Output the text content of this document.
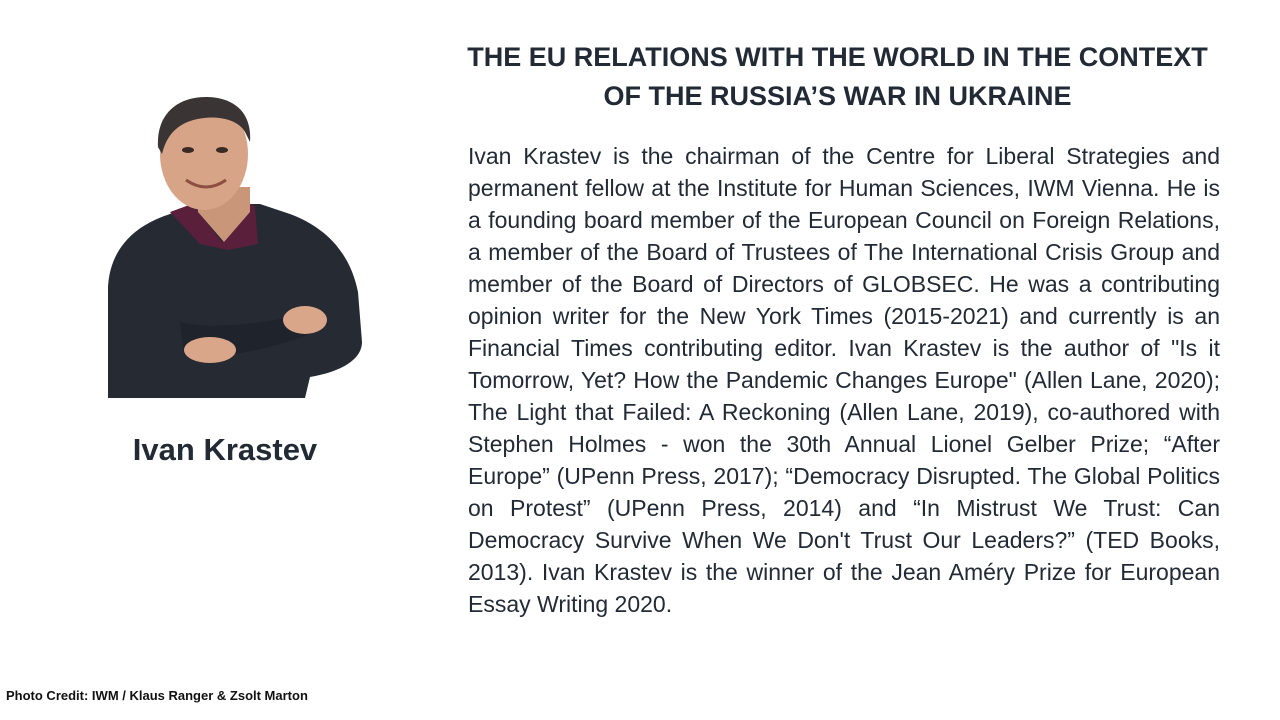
THE EU RELATIONS WITH THE WORLD IN THE CONTEXT
OF THE RUSSIA’S WAR IN UKRAINE
Ivan Krastev

Ivan Krastev is the chairman of the Centre for Liberal Strategies and permanent fellow at the Institute for Human Sciences, IWM Vienna. He is a founding board member of the European Council on Foreign Relations, a member of the Board of Trustees of The International Crisis Group and member of the Board of Directors of GLOBSEC. He was a contributing opinion writer for the New York Times (2015-2021) and currently is an Financial Times contributing editor. Ivan Krastev is the author of "Is it Tomorrow, Yet? How the Pandemic Changes Europe" (Allen Lane, 2020); The Light that Failed: A Reckoning (Allen Lane, 2019), co-authored with Stephen Holmes - won the 30th Annual Lionel Gelber Prize; “After Europe” (UPenn Press, 2017); “Democracy Disrupted. The Global Politics on Protest” (UPenn Press, 2014) and “In Mistrust We Trust: Can Democracy Survive When We Don't Trust Our Leaders?” (TED Books, 2013). Ivan Krastev is the winner of the Jean Améry Prize for European Essay Writing 2020.

Photo Credit: IWM / Klaus Ranger & Zsolt Marton
